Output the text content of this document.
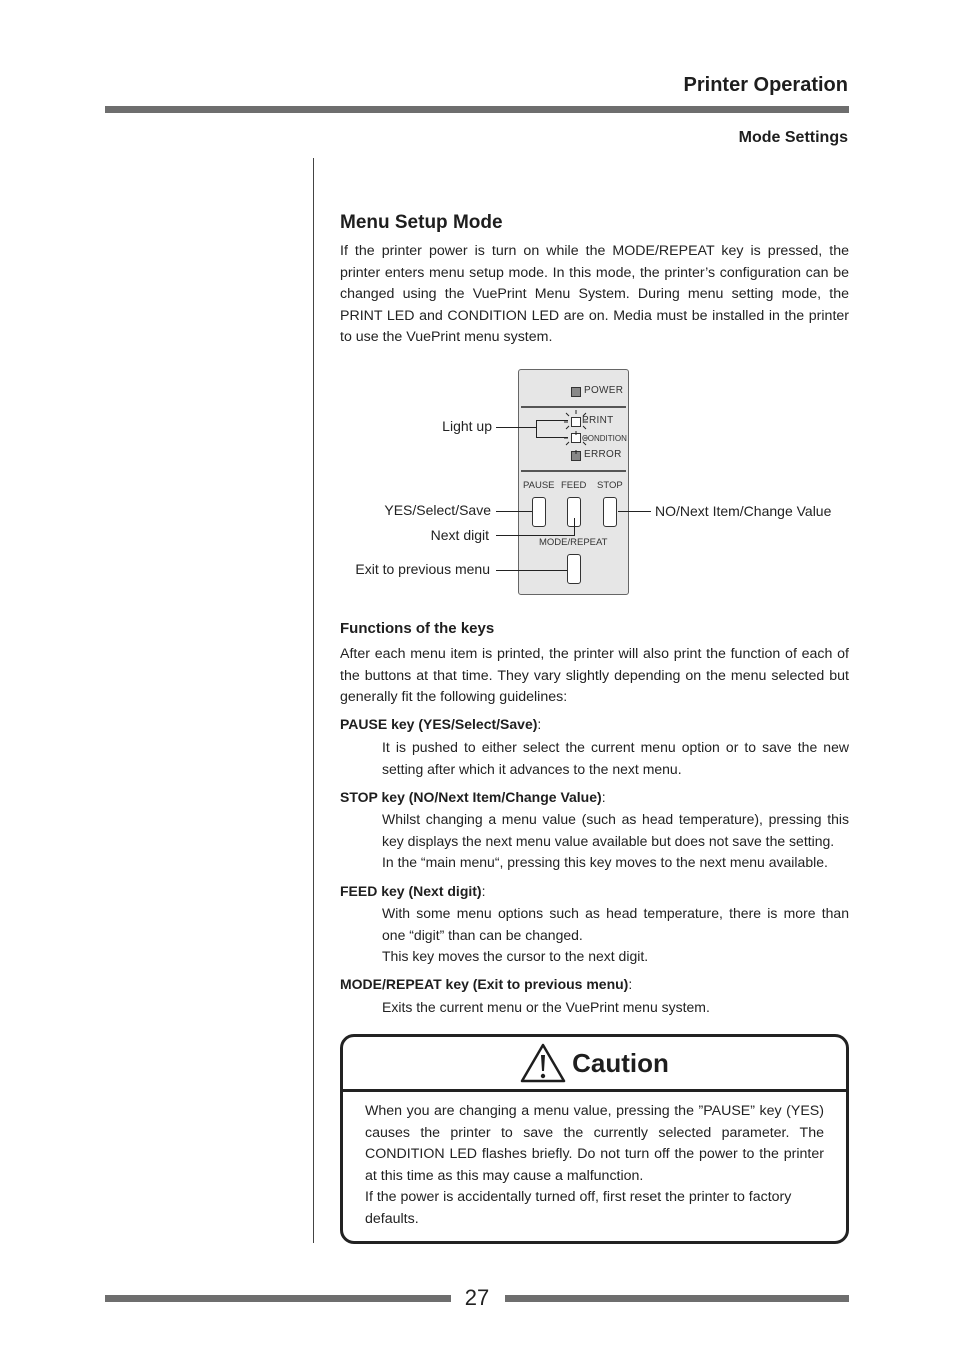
Printer Operation
Mode Settings
Menu Setup Mode
If the printer power is turn on while the MODE/REPEAT key is pressed, the printer enters menu setup mode. In this mode, the printer’s configuration can be changed using the VuePrint Menu System. During menu setting mode, the PRINT LED and CONDITION LED are on. Media must be installed in the printer to use the VuePrint menu system.
POWER
PRINT
CONDITION
ERROR
PAUSE FEED STOP
MODE/REPEAT
Light up
YES/Select/Save
Next digit
Exit to previous menu
NO/Next Item/Change Value
Functions of the keys
After each menu item is printed, the printer will also print the function of each of the buttons at that time. They vary slightly depending on the menu selected but generally fit the following guidelines:
PAUSE key (YES/Select/Save):
It is pushed to either select the current menu option or to save the new setting after which it advances to the next menu.
STOP key (NO/Next Item/Change Value):
Whilst changing a menu value (such as head temperature), pressing this key displays the next menu value available but does not save the setting.
In the “main menu“, pressing this key moves to the next menu available.
FEED key (Next digit):
With some menu options such as head temperature, there is more than one “digit” than can be changed.
This key moves the cursor to the next digit.
MODE/REPEAT key (Exit to previous menu):
Exits the current menu or the VuePrint menu system.
Caution
When you are changing a menu value, pressing the ”PAUSE” key (YES) causes the printer to save the currently selected parameter. The CONDITION LED flashes briefly. Do not turn off the power to the printer at this time as this may cause a malfunction.
If the power is accidentally turned off, first reset the printer to factory defaults.
27
